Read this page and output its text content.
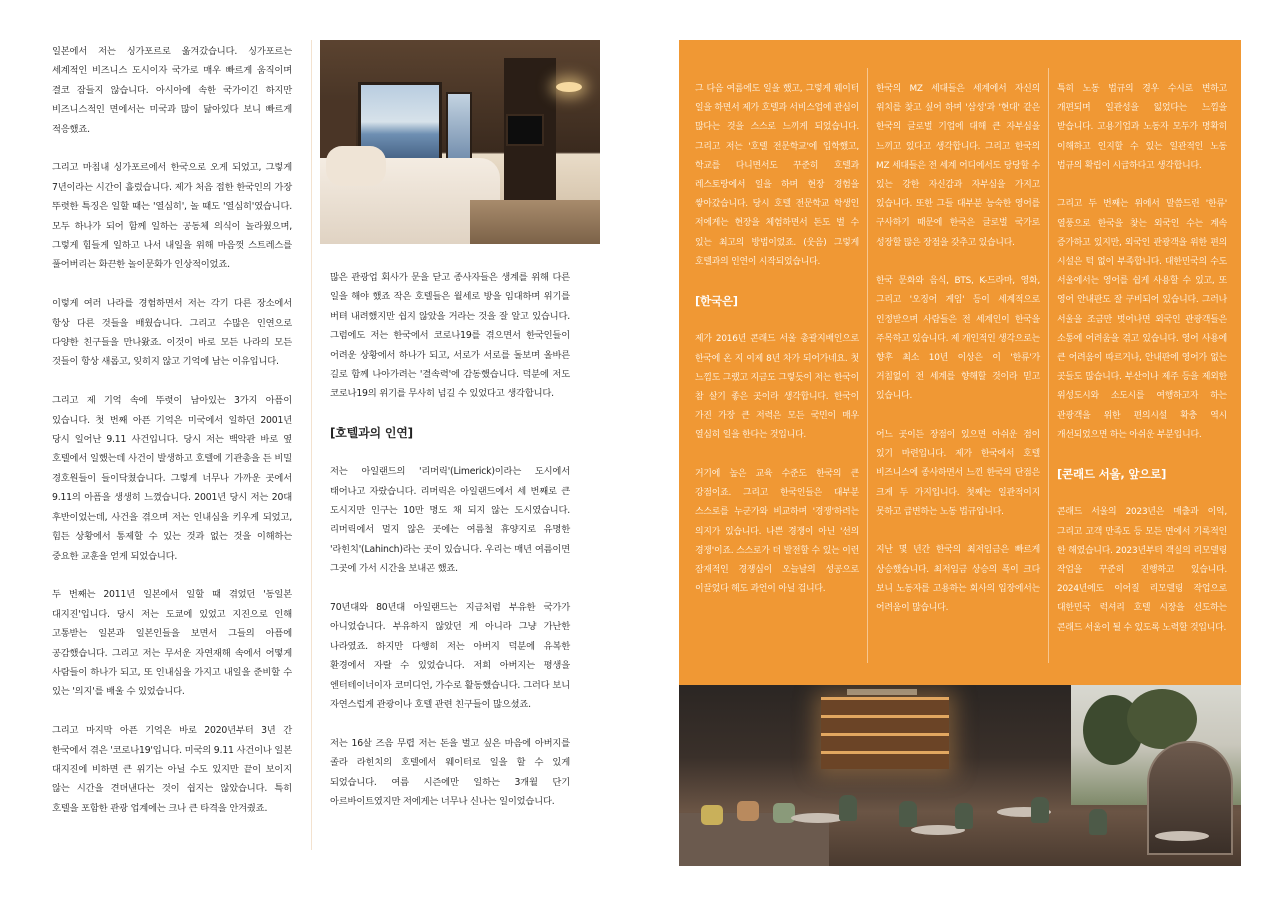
일본에서 저는 싱가포르로 옮겨갔습니다. 싱가포르는 세계적인 비즈니스 도시이자 국가로 매우 빠르게 움직이며 결코 잠들지 않습니다. 아시아에 속한 국가이긴 하지만 비즈니스적인 면에서는 미국과 많이 닮아있다 보니 빠르게 적응했죠.

그리고 마침내 싱가포르에서 한국으로 오게 되었고, 그렇게 7년이라는 시간이 흘렀습니다. 제가 처음 접한 한국인의 가장 뚜렷한 특징은 일할 때는 '열심히', 놀 때도 '열심히'였습니다. 모두 하나가 되어 함께 일하는 공동체 의식이 놀라웠으며, 그렇게 힘들게 일하고 나서 내일을 위해 마음껏 스트레스를 풀어버리는 화끈한 놀이문화가 인상적이었죠.

이렇게 여러 나라를 경험하면서 저는 각기 다른 장소에서 항상 다른 것들을 배웠습니다. 그리고 수많은 인연으로 다양한 친구들을 만나왔죠. 이것이 바로 모든 나라의 모든 것들이 항상 새롭고, 잊히지 않고 기억에 남는 이유입니다.

그리고 제 기억 속에 뚜렷이 남아있는 3가지 아픔이 있습니다. 첫 번째 아픈 기억은 미국에서 일하던 2001년 당시 일어난 9.11 사건입니다. 당시 저는 백악관 바로 옆 호텔에서 일했는데 사건이 발생하고 호텔에 기관총을 든 비밀 경호원들이 들이닥쳤습니다. 그렇게 너무나 가까운 곳에서 9.11의 아픔을 생생히 느꼈습니다. 2001년 당시 저는 20대 후반이었는데, 사건을 겪으며 저는 인내심을 키우게 되었고, 힘든 상황에서 통제할 수 있는 것과 없는 것을 이해하는 중요한 교훈을 얻게 되었습니다.

두 번째는 2011년 일본에서 일할 때 겪었던 '동일본 대지진'입니다. 당시 저는 도쿄에 있었고 지진으로 인해 고통받는 일본과 일본인들을 보면서 그들의 아픔에 공감했습니다. 그리고 저는 무서운 자연재해 속에서 어떻게 사람들이 하나가 되고, 또 인내심을 가지고 내일을 준비할 수 있는 '의지'를 배울 수 있었습니다.

그리고 마지막 아픈 기억은 바로 2020년부터 3년 간 한국에서 겪은 '코로나19'입니다. 미국의 9.11 사건이나 일본 대지진에 비하면 큰 위기는 아닐 수도 있지만 끝이 보이지 않는 시간을 견뎌낸다는 것이 쉽지는 않았습니다. 특히 호텔을 포함한 관광 업계에는 크나 큰 타격을 안겨줬죠.

많은 관광업 회사가 문을 닫고 종사자들은 생계를 위해 다른 일을 해야 했죠 작은 호텔들은 월세로 방을 임대하며 위기를 버텨 내려했지만 쉽지 않았을 거라는 것을 잘 알고 있습니다. 그럼에도 저는 한국에서 코로나19를 겪으면서 한국인들이 어려운 상황에서 하나가 되고, 서로가 서로를 돌보며 올바른 길로 함께 나아가려는 '결속력'에 감동했습니다. 덕분에 저도 코로나19의 위기를 무사히 넘길 수 있었다고 생각합니다.

[호텔과의 인연]

저는 아일랜드의 '리머릭'(Limerick)이라는 도시에서 태어나고 자랐습니다. 리머릭은 아일랜드에서 세 번째로 큰 도시지만 인구는 10만 명도 채 되지 않는 도시였습니다. 리머릭에서 멀지 않은 곳에는 여름철 휴양지로 유명한 '라힌치'(Lahinch)라는 곳이 있습니다. 우리는 매년 여름이면 그곳에 가서 시간을 보내곤 했죠.

70년대와 80년대 아일랜드는 지금처럼 부유한 국가가 아니었습니다. 부유하지 않았던 게 아니라 그냥 가난한 나라였죠. 하지만 다행히 저는 아버지 덕분에 유복한 환경에서 자랄 수 있었습니다. 저희 아버지는 평생을 엔터테이너이자 코미디언, 가수로 활동했습니다. 그러다 보니 자연스럽게 관광이나 호텔 관련 친구들이 많으셨죠.

저는 16살 즈음 무렵 저는 돈을 벌고 싶은 마음에 아버지를 졸라 라힌치의 호텔에서 웨이터로 일을 할 수 있게 되었습니다. 여름 시즌에만 일하는 3개월 단기 아르바이트였지만 저에게는 너무나 신나는 일이었습니다.

그 다음 여름에도 일을 했고, 그렇게 웨이터 일을 하면서 제가 호텔과 서비스업에 관심이 많다는 것을 스스로 느끼게 되었습니다. 그리고 저는 '호텔 전문학교'에 입학했고, 학교를 다니면서도 꾸준히 호텔과 레스토랑에서 일을 하며 현장 경험을 쌓아갔습니다. 당시 호텔 전문학교 학생인 저에게는 현장을 체험하면서 돈도 벌 수 있는 최고의 방법이었죠. (웃음) 그렇게 호텔과의 인연이 시작되었습니다.

[한국은]

제가 2016년 콘래드 서울 총괄지배인으로 한국에 온 지 이제 8년 차가 되어가네요. 첫 느낌도 그랬고 지금도 그렇듯이 저는 한국이 참 살기 좋은 곳이라 생각합니다. 한국이 가진 가장 큰 저력은 모든 국민이 매우 열심히 일을 한다는 것입니다.

거기에 높은 교육 수준도 한국의 큰 강점이죠. 그리고 한국인들은 대부분 스스로를 누군가와 비교하며 '경쟁'하려는 의지가 있습니다. 나쁜 경쟁이 아닌 '선의 경쟁'이죠. 스스로가 더 발전할 수 있는 이런 잠재적인 경쟁심이 오늘날의 성공으로 이끌었다 해도 과언이 아닐 겁니다.

한국의 MZ 세대들은 세계에서 자신의 위치를 찾고 싶어 하며 '삼성'과 '현대' 같은 한국의 글로벌 기업에 대해 큰 자부심을 느끼고 있다고 생각합니다. 그리고 한국의 MZ 세대들은 전 세계 어디에서도 당당할 수 있는 강한 자신감과 자부심을 가지고 있습니다. 또한 그들 대부분 능숙한 영어를 구사하기 때문에 한국은 글로벌 국가로 성장할 많은 장점을 갖추고 있습니다.

한국 문화와 음식, BTS, K-드라마, 영화, 그리고 '오징어 게임' 등이 세계적으로 인정받으며 사람들은 전 세계인이 한국을 주목하고 있습니다. 제 개인적인 생각으로는 향후 최소 10년 이상은 이 '한류'가 거침없이 전 세계를 향해할 것이라 믿고 있습니다.

어느 곳이든 장점이 있으면 아쉬운 점이 있기 마련입니다. 제가 한국에서 호텔 비즈니스에 종사하면서 느낀 한국의 단점은 크게 두 가지입니다. 첫째는 일관적이지 못하고 급변하는 노동 법규입니다.

지난 몇 년간 한국의 최저임금은 빠르게 상승했습니다. 최저임금 상승의 폭이 크다 보니 노동자를 고용하는 회사의 입장에서는 어려움이 많습니다.

특히 노동 법규의 경우 수시로 변하고 개편되며 일관성을 잃었다는 느낌을 받습니다. 고용기업과 노동자 모두가 명확히 이해하고 인지할 수 있는 일관적인 노동 법규의 확립이 시급하다고 생각합니다.

그리고 두 번째는 위에서 말씀드린 '한류' 열풍으로 한국을 찾는 외국인 수는 계속 증가하고 있지만, 외국인 관광객을 위한 편의 시설은 턱 없이 부족합니다. 대한민국의 수도 서울에서는 영어를 쉽게 사용할 수 있고, 또 영어 안내판도 잘 구비되어 있습니다. 그러나 서울을 조금만 벗어나면 외국인 관광객들은 소통에 어려움을 겪고 있습니다. 영어 사용에 큰 어려움이 따르거나, 안내판에 영어가 없는 곳들도 많습니다. 부산이나 제주 등을 제외한 위성도시와 소도시를 여행하고자 하는 관광객을 위한 편의시설 확충 역시 개선되었으면 하는 아쉬운 부분입니다.

[콘래드 서울, 앞으로]

콘래드 서울의 2023년은 매출과 이익, 그리고 고객 만족도 등 모든 면에서 기록적인 한 해였습니다. 2023년부터 객실의 리모델링 작업을 꾸준히 진행하고 있습니다. 2024년에도 이어질 리모델링 작업으로 대한민국 럭셔리 호텔 시장을 선도하는 콘래드 서울이 될 수 있도록 노력할 것입니다.
